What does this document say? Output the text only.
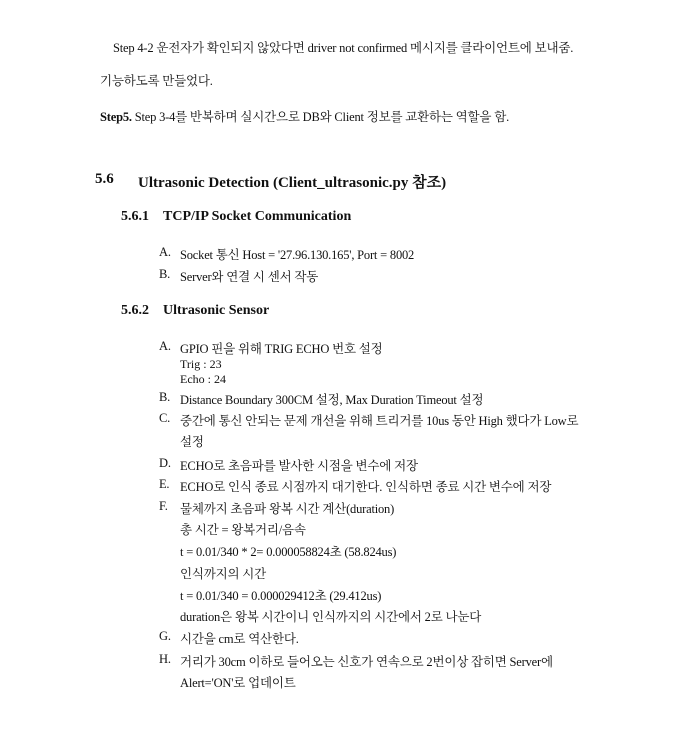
Step 4-2 운전자가 확인되지 않았다면 driver not confirmed 메시지를 클라이언트에 보내줌.
기능하도록 만들었다.
Step5. Step 3-4를 반복하며 실시간으로 DB와 Client 정보를 교환하는 역할을 함.
5.6 Ultrasonic Detection (Client_ultrasonic.py 참조)
5.6.1 TCP/IP Socket Communication
A. Socket 통신 Host = '27.96.130.165', Port = 8002
B. Server와 연결 시 센서 작동
5.6.2 Ultrasonic Sensor
A. GPIO 핀을 위해 TRIG ECHO 번호 설정
Trig : 23
Echo : 24
B. Distance Boundary 300CM 설정, Max Duration Timeout 설정
C. 중간에 통신 안되는 문제 개선을 위해 트리거를 10us 동안 High 했다가 Low로
설정
D. ECHO로 초음파를 발사한 시점을 변수에 저장
E. ECHO로 인식 종료 시점까지 대기한다. 인식하면 종료 시간 변수에 저장
F. 물체까지 초음파 왕복 시간 계산(duration)
총 시간 = 왕복거리/음속
t = 0.01/340 * 2= 0.000058824초 (58.824us)
인식까지의 시간
t = 0.01/340 = 0.000029412초 (29.412us)
duration은 왕복 시간이니 인식까지의 시간에서 2로 나눈다
G. 시간을 cm로 역산한다.
H. 거리가 30cm 이하로 들어오는 신호가 연속으로 2번이상 잡히면 Server에
Alert='ON'로 업데이트
